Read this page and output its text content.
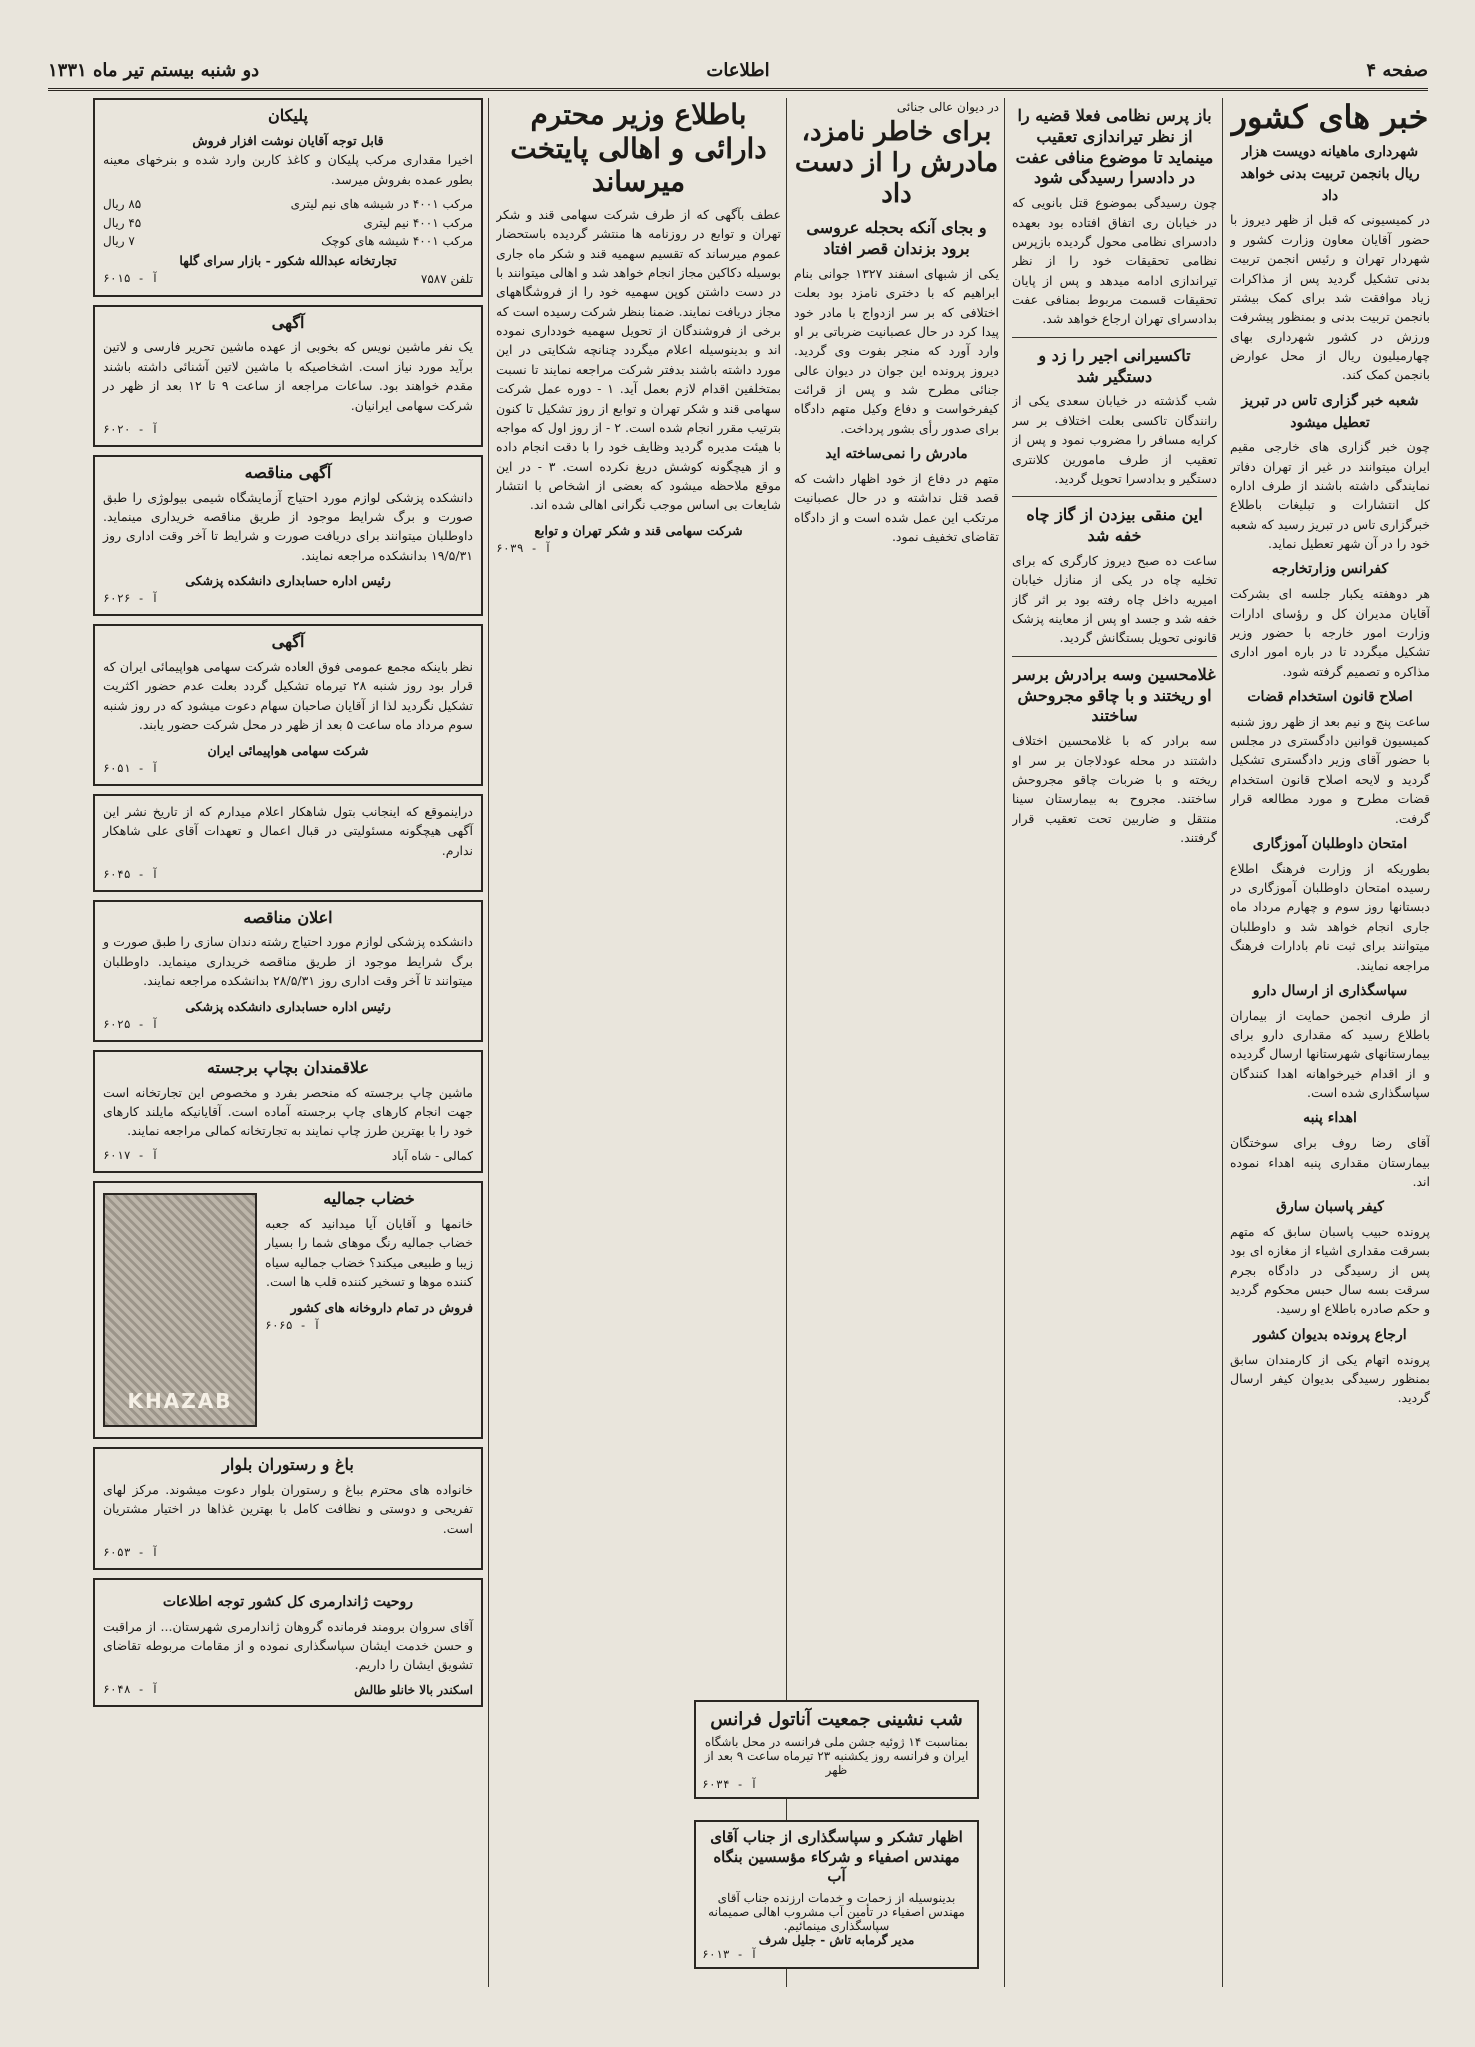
صفحه ۴
اطلاعات
دو شنبه بیستم تیر ماه ۱۳۳۱
خبر های کشور
شهرداری ماهیانه دویست هزار ریال بانجمن تربیت بدنی خواهد داد

در کمیسیونی که قبل از ظهر دیروز با حضور آقایان معاون وزارت کشور و شهردار تهران و رئیس انجمن تربیت بدنی تشکیل گردید پس از مذاکرات زیاد موافقت شد برای کمک بیشتر بانجمن تربیت بدنی و بمنظور پیشرفت ورزش در کشور شهرداری بهای چهارمیلیون ریال از محل عوارض بانجمن کمک کند.

شعبه خبر گزاری تاس در تبریز تعطیل میشود

چون خبر گزاری های خارجی مقیم ایران میتوانند در غیر از تهران دفاتر نمایندگی داشته باشند از طرف اداره کل انتشارات و تبلیغات باطلاع خبرگزاری تاس در تبریز رسید که شعبه خود را در آن شهر تعطیل نماید.

کفرانس وزارتخارجه

هر دوهفته یکبار جلسه ای بشرکت آقایان مدیران کل و رؤسای ادارات وزارت امور خارجه با حضور وزیر تشکیل میگردد تا در باره امور اداری مذاکره و تصمیم گرفته شود.

اصلاح قانون استخدام قضات

ساعت پنج و نیم بعد از ظهر روز شنبه کمیسیون قوانین دادگستری در مجلس با حضور آقای وزیر دادگستری تشکیل گردید و لایحه اصلاح قانون استخدام قضات مطرح و مورد مطالعه قرار گرفت.

امتحان داوطلبان آموزگاری

بطوریکه از وزارت فرهنگ اطلاع رسیده امتحان داوطلبان آموزگاری در دبستانها روز سوم و چهارم مرداد ماه جاری انجام خواهد شد و داوطلبان میتوانند برای ثبت نام بادارات فرهنگ مراجعه نمایند.

سپاسگذاری از ارسال دارو

از طرف انجمن حمایت از بیماران باطلاع رسید که مقداری دارو برای بیمارستانهای شهرستانها ارسال گردیده و از اقدام خیرخواهانه اهدا کنندگان سپاسگذاری شده است.

اهداء پنبه

آقای رضا روف برای سوختگان بیمارستان مقداری پنبه اهداء نموده اند.

کیفر پاسبان سارق

پرونده حبیب پاسبان سابق که متهم بسرقت مقداری اشیاء از مغازه ای بود پس از رسیدگی در دادگاه بجرم سرقت بسه سال حبس محکوم گردید و حکم صادره باطلاع او رسید.

ارجاع پرونده بدیوان کشور

پرونده اتهام یکی از کارمندان سابق بمنظور رسیدگی بدیوان کیفر ارسال گردید.

باز پرس نظامی فعلا قضیه را از نظر تیراندازی تعقیب مینماید تا موضوع منافی عفت در دادسرا رسیدگی شود

چون رسیدگی بموضوع قتل بانویی که در خیابان ری اتفاق افتاده بود بعهده دادسرای نظامی محول گردیده بازپرس نظامی تحقیقات خود را از نظر تیراندازی ادامه میدهد و پس از پایان تحقیقات قسمت مربوط بمنافی عفت بدادسرای تهران ارجاع خواهد شد.

تاکسیرانی اجیر را زد و دستگیر شد

شب گذشته در خیابان سعدی یکی از رانندگان تاکسی بعلت اختلاف بر سر کرایه مسافر را مضروب نمود و پس از تعقیب از طرف مامورین کلانتری دستگیر و بدادسرا تحویل گردید.

این منقی بیزدن از گاز چاه خفه شد

ساعت ده صبح دیروز کارگری که برای تخلیه چاه در یکی از منازل خیابان امیریه داخل چاه رفته بود بر اثر گاز خفه شد و جسد او پس از معاینه پزشک قانونی تحویل بستگانش گردید.

غلامحسین وسه برادرش برسر او ریختند و با چاقو مجروحش ساختند

سه برادر که با غلامحسین اختلاف داشتند در محله عودلاجان بر سر او ریخته و با ضربات چاقو مجروحش ساختند. مجروح به بیمارستان سینا منتقل و ضاربین تحت تعقیب قرار گرفتند.

در دیوان عالی جنائی
برای خاطر نامزد، مادرش را از دست داد
و بجای آنکه بحجله عروسی برود بزندان قصر افتاد

یکی از شبهای اسفند ۱۳۲۷ جوانی بنام ابراهیم که با دختری نامزد بود بعلت اختلافی که بر سر ازدواج با مادر خود پیدا کرد در حال عصبانیت ضرباتی بر او وارد آورد که منجر بفوت وی گردید. دیروز پرونده این جوان در دیوان عالی جنائی مطرح شد و پس از قرائت کیفرخواست و دفاع وکیل متهم دادگاه برای صدور رأی بشور پرداخت.

مادرش را نمی‌ساخته اید

متهم در دفاع از خود اظهار داشت که قصد قتل نداشته و در حال عصبانیت مرتکب این عمل شده است و از دادگاه تقاضای تخفیف نمود.

باطلاع وزیر محترم دارائی و اهالی پایتخت میرساند

عطف بآگهی که از طرف شرکت سهامی قند و شکر تهران و توابع در روزنامه ها منتشر گردیده باستحضار عموم میرساند که تقسیم سهمیه قند و شکر ماه جاری بوسیله دکاکین مجاز انجام خواهد شد و اهالی میتوانند با در دست داشتن کوپن سهمیه خود را از فروشگاههای مجاز دریافت نمایند. ضمنا بنظر شرکت رسیده است که برخی از فروشندگان از تحویل سهمیه خودداری نموده اند و بدینوسیله اعلام میگردد چنانچه شکایتی در این مورد داشته باشند بدفتر شرکت مراجعه نمایند تا نسبت بمتخلفین اقدام لازم بعمل آید. ۱ - دوره عمل شرکت سهامی قند و شکر تهران و توابع از روز تشکیل تا کنون بترتیب مقرر انجام شده است. ۲ - از روز اول که مواجه با هیئت مدیره گردید وظایف خود را با دقت انجام داده و از هیچگونه کوشش دریغ نکرده است. ۳ - در این موقع ملاحظه میشود که بعضی از اشخاص با انتشار شایعات بی اساس موجب نگرانی اهالی شده اند.

شرکت سهامی قند و شکر تهران و توابع
آ - ۶۰۳۹
شب نشینی جمعیت آناتول فرانس
بمناسبت ۱۴ ژوئیه جشن ملی فرانسه در محل باشگاه ایران و فرانسه روز یکشنبه ۲۳ تیرماه ساعت ۹ بعد از ظهر
آ - ۶۰۳۴
اظهار تشکر و سپاسگذاری از جناب آقای مهندس اصفیاء و شرکاء مؤسسین بنگاه آب
بدینوسیله از زحمات و خدمات ارزنده جناب آقای مهندس اصفیاء در تأمین آب مشروب اهالی صمیمانه سپاسگذاری مینمائیم.
مدیر گرمابه تاش - جلیل شرف
آ - ۶۰۱۳
پلیکان
قابل توجه آقایان نوشت افزار فروش

اخیرا مقداری مرکب پلیکان و کاغذ کاربن وارد شده و بنرخهای معینه بطور عمده بفروش میرسد.

مرکب ۴۰۰۱ در شیشه های نیم لیتری
۸۵ ریال
مرکب ۴۰۰۱ نیم لیتری
۴۵ ریال
مرکب ۴۰۰۱ شیشه های کوچک
۷ ریال
تجارتخانه عبدالله شکور - بازار سرای گلها
تلفن ۷۵۸۷
آ - ۶۰۱۵
آگهی

یک نفر ماشین نویس که بخوبی از عهده ماشین تحریر فارسی و لاتین برآید مورد نیاز است. اشخاصیکه با ماشین لاتین آشنائی داشته باشند مقدم خواهند بود. ساعات مراجعه از ساعت ۹ تا ۱۲ بعد از ظهر در شرکت سهامی ایرانیان.

آ - ۶۰۲۰
آگهی مناقصه

دانشکده پزشکی لوازم مورد احتیاج آزمایشگاه شیمی بیولوژی را طبق صورت و برگ شرایط موجود از طریق مناقصه خریداری مینماید. داوطلبان میتوانند برای دریافت صورت و شرایط تا آخر وقت اداری روز ۱۹/۵/۳۱ بدانشکده مراجعه نمایند.

رئیس اداره حسابداری دانشکده پزشکی
آ - ۶۰۲۶
آگهی

نظر باینکه مجمع عمومی فوق العاده شرکت سهامی هواپیمائی ایران که قرار بود روز شنبه ۲۸ تیرماه تشکیل گردد بعلت عدم حضور اکثریت تشکیل نگردید لذا از آقایان صاحبان سهام دعوت میشود که در روز شنبه سوم مرداد ماه ساعت ۵ بعد از ظهر در محل شرکت حضور یابند.

شرکت سهامی هواپیمائی ایران
آ - ۶۰۵۱

دراینموقع که اینجانب بتول شاهکار اعلام میدارم که از تاریخ نشر این آگهی هیچگونه مسئولیتی در قبال اعمال و تعهدات آقای علی شاهکار ندارم.

آ - ۶۰۴۵
اعلان مناقصه

دانشکده پزشکی لوازم مورد احتیاج رشته دندان سازی را طبق صورت و برگ شرایط موجود از طریق مناقصه خریداری مینماید. داوطلبان میتوانند تا آخر وقت اداری روز ۲۸/۵/۳۱ بدانشکده مراجعه نمایند.

رئیس اداره حسابداری دانشکده پزشکی
آ - ۶۰۲۵
علاقمندان بچاپ برجسته

ماشین چاپ برجسته که منحصر بفرد و مخصوص این تجارتخانه است جهت انجام کارهای چاپ برجسته آماده است. آقایانیکه مایلند کارهای خود را با بهترین طرز چاپ نمایند به تجارتخانه کمالی مراجعه نمایند.

کمالی - شاه آباد
آ - ۶۰۱۷
KHAZAB
خضاب جمالیه

خانمها و آقایان آیا میدانید که جعبه خضاب جمالیه رنگ موهای شما را بسیار زیبا و طبیعی میکند؟ خضاب جمالیه سیاه کننده موها و تسخیر کننده قلب ها است.

فروش در تمام داروخانه های کشور
آ - ۶۰۶۵
باغ و رستوران بلوار

خانواده های محترم بباغ و رستوران بلوار دعوت میشوند. مرکز لهای تفریحی و دوستی و نظافت کامل با بهترین غذاها در اختیار مشتریان است.

آ - ۶۰۵۳
روحیت ژاندارمری کل کشور توجه اطلاعات

آقای سروان برومند فرمانده گروهان ژاندارمری شهرستان... از مراقبت و حسن خدمت ایشان سپاسگذاری نموده و از مقامات مربوطه تقاضای تشویق ایشان را داریم.

اسکندر بالا خانلو طالش
آ - ۶۰۴۸
